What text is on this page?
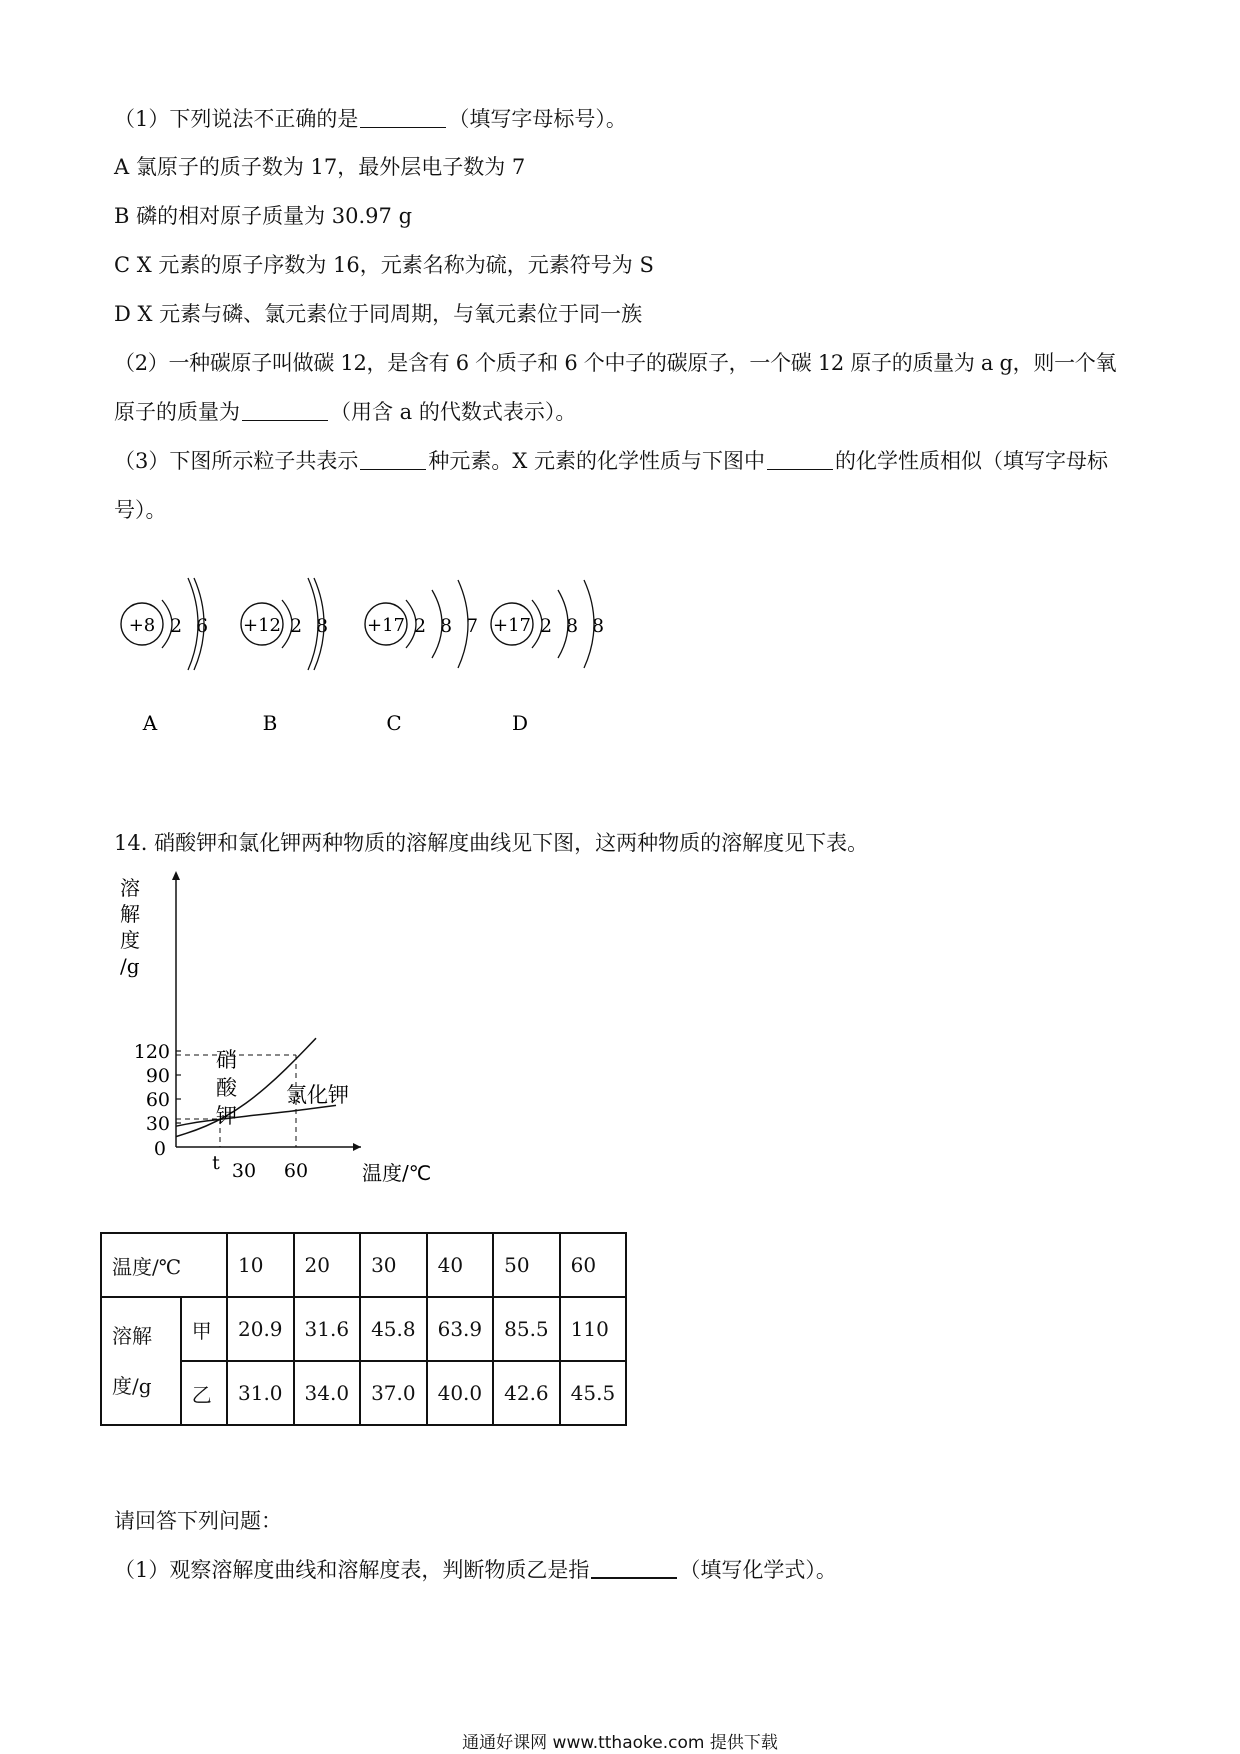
（1）下列说法不正确的是	（填写字母标号）。
A 氯原子的质子数为 17，最外层电子数为 7
B 磷的相对原子质量为 30.97 g
C X 元素的原子序数为 16，元素名称为硫，元素符号为 S
D X 元素与磷、氯元素位于同周期，与氧元素位于同一族
（2）一种碳原子叫做碳 12，是含有 6 个质子和 6 个中子的碳原子，一个碳 12 原子的质量为 a g，则一个氧
原子的质量为	（用含 a 的代数式表示）。
（3）下图所示粒子共表示	种元素。X 元素的化学性质与下图中	的化学性质相似（填写字母标
号）。
+8 2 6
A
+12 2 8
B
+17 2 8 7
C
+17 2 8 8
D
14. 硝酸钾和氯化钾两种物质的溶解度曲线见下图，这两种物质的溶解度见下表。
0
30
60
90
120
溶
解
度
/g
t 30 60	温度/℃
硝
酸
钾
氯化钾
温度/℃		10	20	30	40	50	60
溶解
度/g	甲	20.9	31.6	45.8	63.9	85.5	110
	乙	31.0	34.0	37.0	40.0	42.6	45.5
请回答下列问题：
（1）观察溶解度曲线和溶解度表，判断物质乙是指	（填写化学式）。
通通好课网 www.tthaoke.com 提供下载
